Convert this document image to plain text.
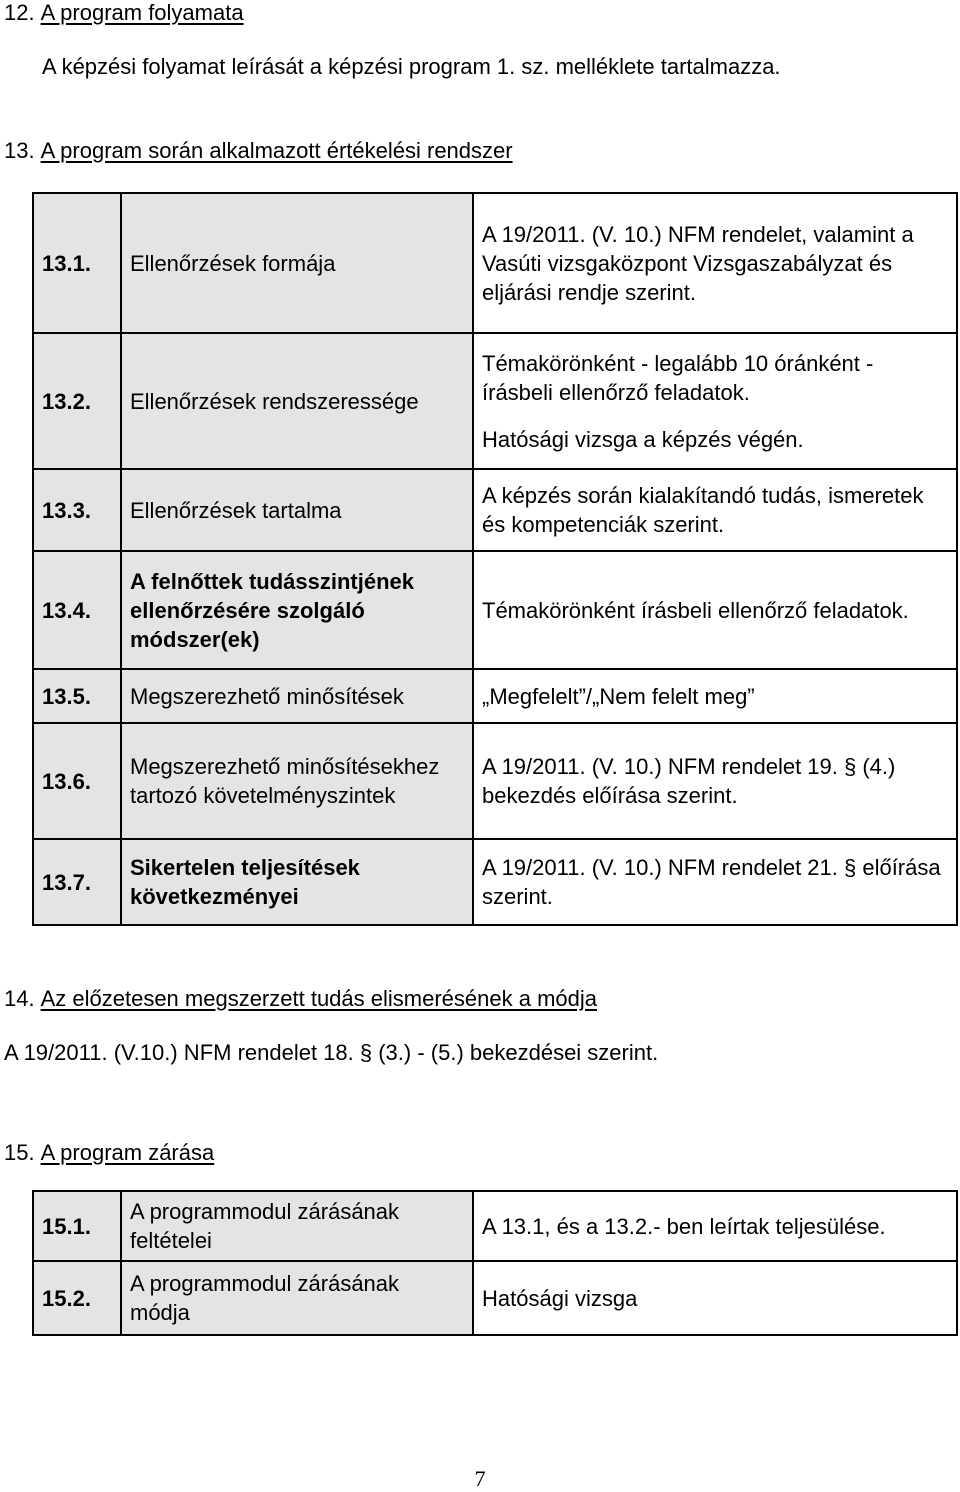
12. A program folyamata
A képzési folyamat leírását a képzési program 1. sz. melléklete tartalmazza.
13. A program során alkalmazott értékelési rendszer
13.1.	Ellenőrzések formája	A 19/2011. (V. 10.) NFM rendelet, valamint a Vasúti vizsgaközpont Vizsgaszabályzat és eljárási rendje szerint.
13.2.	Ellenőrzések rendszeressége	Témakörönként - legalább 10 óránként - írásbeli ellenőrző feladatok.
Hatósági vizsga a képzés végén.

13.3.	Ellenőrzések tartalma	A képzés során kialakítandó tudás, ismeretek és kompetenciák szerint.
13.4.	A felnőttek tudásszintjének ellenőrzésére szolgáló módszer(ek)	Témakörönként írásbeli ellenőrző feladatok.
13.5.	Megszerezhető minősítések	„Megfelelt”/„Nem felelt meg”
13.6.	Megszerezhető minősítésekhez tartozó követelményszintek	A 19/2011. (V. 10.) NFM rendelet 19. § (4.) bekezdés előírása szerint.
13.7.	Sikertelen teljesítések következményei	A 19/2011. (V. 10.) NFM rendelet 21. § előírása szerint.
14. Az előzetesen megszerzett tudás elismerésének a módja
A 19/2011. (V.10.) NFM rendelet 18. § (3.) - (5.) bekezdései szerint.
15. A program zárása
15.1.	A programmodul zárásának feltételei	A 13.1, és a 13.2.- ben leírtak teljesülése.
15.2.	A programmodul zárásának módja	Hatósági vizsga
7
